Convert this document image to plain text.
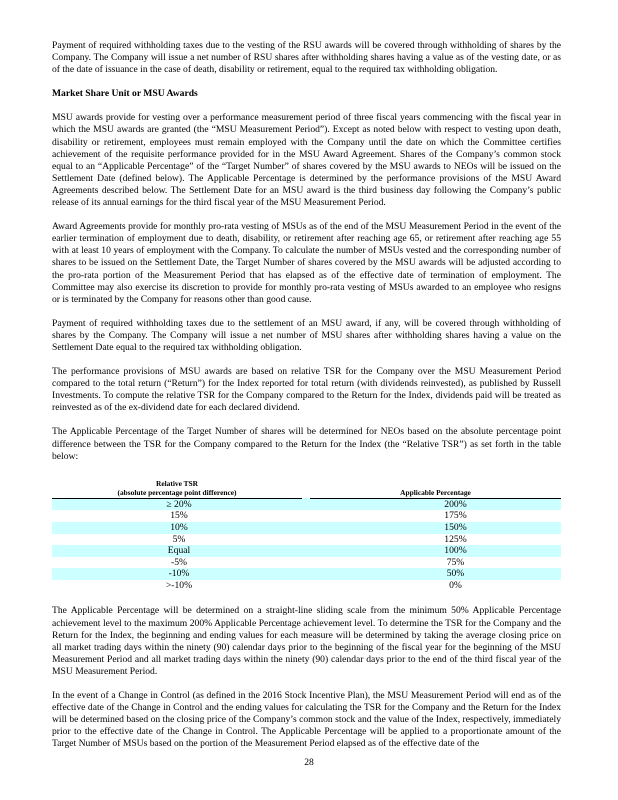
Payment of required withholding taxes due to the vesting of the RSU awards will be covered through withholding of shares by the Company. The Company will issue a net number of RSU shares after withholding shares having a value as of the vesting date, or as of the date of issuance in the case of death, disability or retirement, equal to the required tax withholding obligation.

Market Share Unit or MSU Awards

MSU awards provide for vesting over a performance measurement period of three fiscal years commencing with the fiscal year in which the MSU awards are granted (the “MSU Measurement Period”). Except as noted below with respect to vesting upon death, disability or retirement, employees must remain employed with the Company until the date on which the Committee certifies achievement of the requisite performance provided for in the MSU Award Agreement. Shares of the Company’s common stock equal to an “Applicable Percentage” of the “Target Number” of shares covered by the MSU awards to NEOs will be issued on the Settlement Date (defined below). The Applicable Percentage is determined by the performance provisions of the MSU Award Agreements described below. The Settlement Date for an MSU award is the third business day following the Company’s public release of its annual earnings for the third fiscal year of the MSU Measurement Period.

Award Agreements provide for monthly pro-rata vesting of MSUs as of the end of the MSU Measurement Period in the event of the earlier termination of employment due to death, disability, or retirement after reaching age 65, or retirement after reaching age 55 with at least 10 years of employment with the Company. To calculate the number of MSUs vested and the corresponding number of shares to be issued on the Settlement Date, the Target Number of shares covered by the MSU awards will be adjusted according to the pro-rata portion of the Measurement Period that has elapsed as of the effective date of termination of employment. The Committee may also exercise its discretion to provide for monthly pro-rata vesting of MSUs awarded to an employee who resigns or is terminated by the Company for reasons other than good cause.

Payment of required withholding taxes due to the settlement of an MSU award, if any, will be covered through withholding of shares by the Company. The Company will issue a net number of MSU shares after withholding shares having a value on the Settlement Date equal to the required tax withholding obligation.

The performance provisions of MSU awards are based on relative TSR for the Company over the MSU Measurement Period compared to the total return (“Return”) for the Index reported for total return (with dividends reinvested), as published by Russell Investments. To compute the relative TSR for the Company compared to the Return for the Index, dividends paid will be treated as reinvested as of the ex-dividend date for each declared dividend.

The Applicable Percentage of the Target Number of shares will be determined for NEOs based on the absolute percentage point difference between the TSR for the Company compared to the Return for the Index (the “Relative TSR”) as set forth in the table below:

Relative TSR
(absolute percentage point difference)		Applicable Percentage
≥ 20%		200%
15%		175%
10%		150%
5%		125%
Equal		100%
-5%		75%
-10%		50%
>-10%		0%

The Applicable Percentage will be determined on a straight-line sliding scale from the minimum 50% Applicable Percentage achievement level to the maximum 200% Applicable Percentage achievement level. To determine the TSR for the Company and the Return for the Index, the beginning and ending values for each measure will be determined by taking the average closing price on all market trading days within the ninety (90) calendar days prior to the beginning of the fiscal year for the beginning of the MSU Measurement Period and all market trading days within the ninety (90) calendar days prior to the end of the third fiscal year of the MSU Measurement Period.

In the event of a Change in Control (as defined in the 2016 Stock Incentive Plan), the MSU Measurement Period will end as of the effective date of the Change in Control and the ending values for calculating the TSR for the Company and the Return for the Index will be determined based on the closing price of the Company’s common stock and the value of the Index, respectively, immediately prior to the effective date of the Change in Control. The Applicable Percentage will be applied to a proportionate amount of the Target Number of MSUs based on the portion of the Measurement Period elapsed as of the effective date of the

28
